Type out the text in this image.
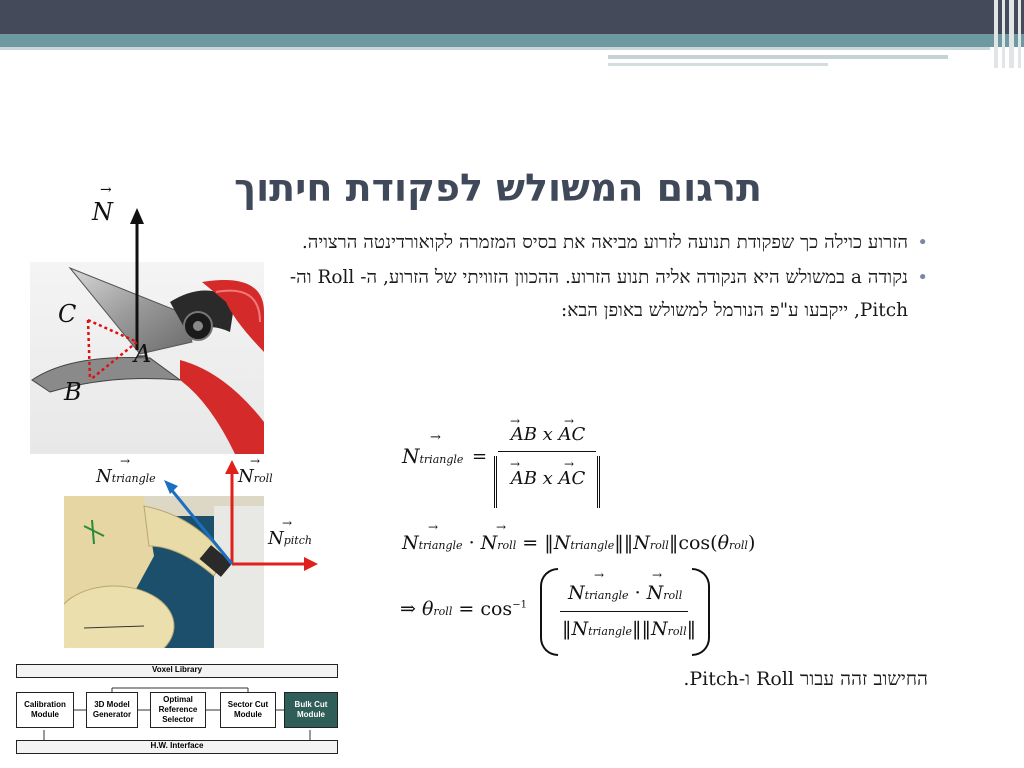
תרגום המשולש לפקודת חיתוך
•
הזרוע כוילה כך שפקודת תנועה לזרוע מביאה את בסיס המזמרה לקואורדינטה הרצויה.
•
נקודה a במשולש היא הנקודה אליה תנוע הזרוע. ההכוון הזוויתי של הזרוע, ה- Roll וה-Pitch, ייקבעו ע"פ הנורמל למשולש באופן הבא:
→
Ntriangle =
AB x AC
→	→
AB x AC
→	→
→	→
Ntriangle · Nroll = ‖Ntriangle‖‖Nroll‖cos(θroll)
⇒ θroll = $\cos^{-1}$
→	→
Ntriangle · Nroll
‖Ntriangle‖‖Nroll‖
החישוב זהה עבור Roll ו-Pitch.
→
N
C
A
B
→
Ntriangle
→
Nroll
→
Npitch
Voxel Library
Calibration Module
3D Model Generator
Optimal Reference Selector
Sector Cut Module
Bulk Cut Module
H.W. Interface
